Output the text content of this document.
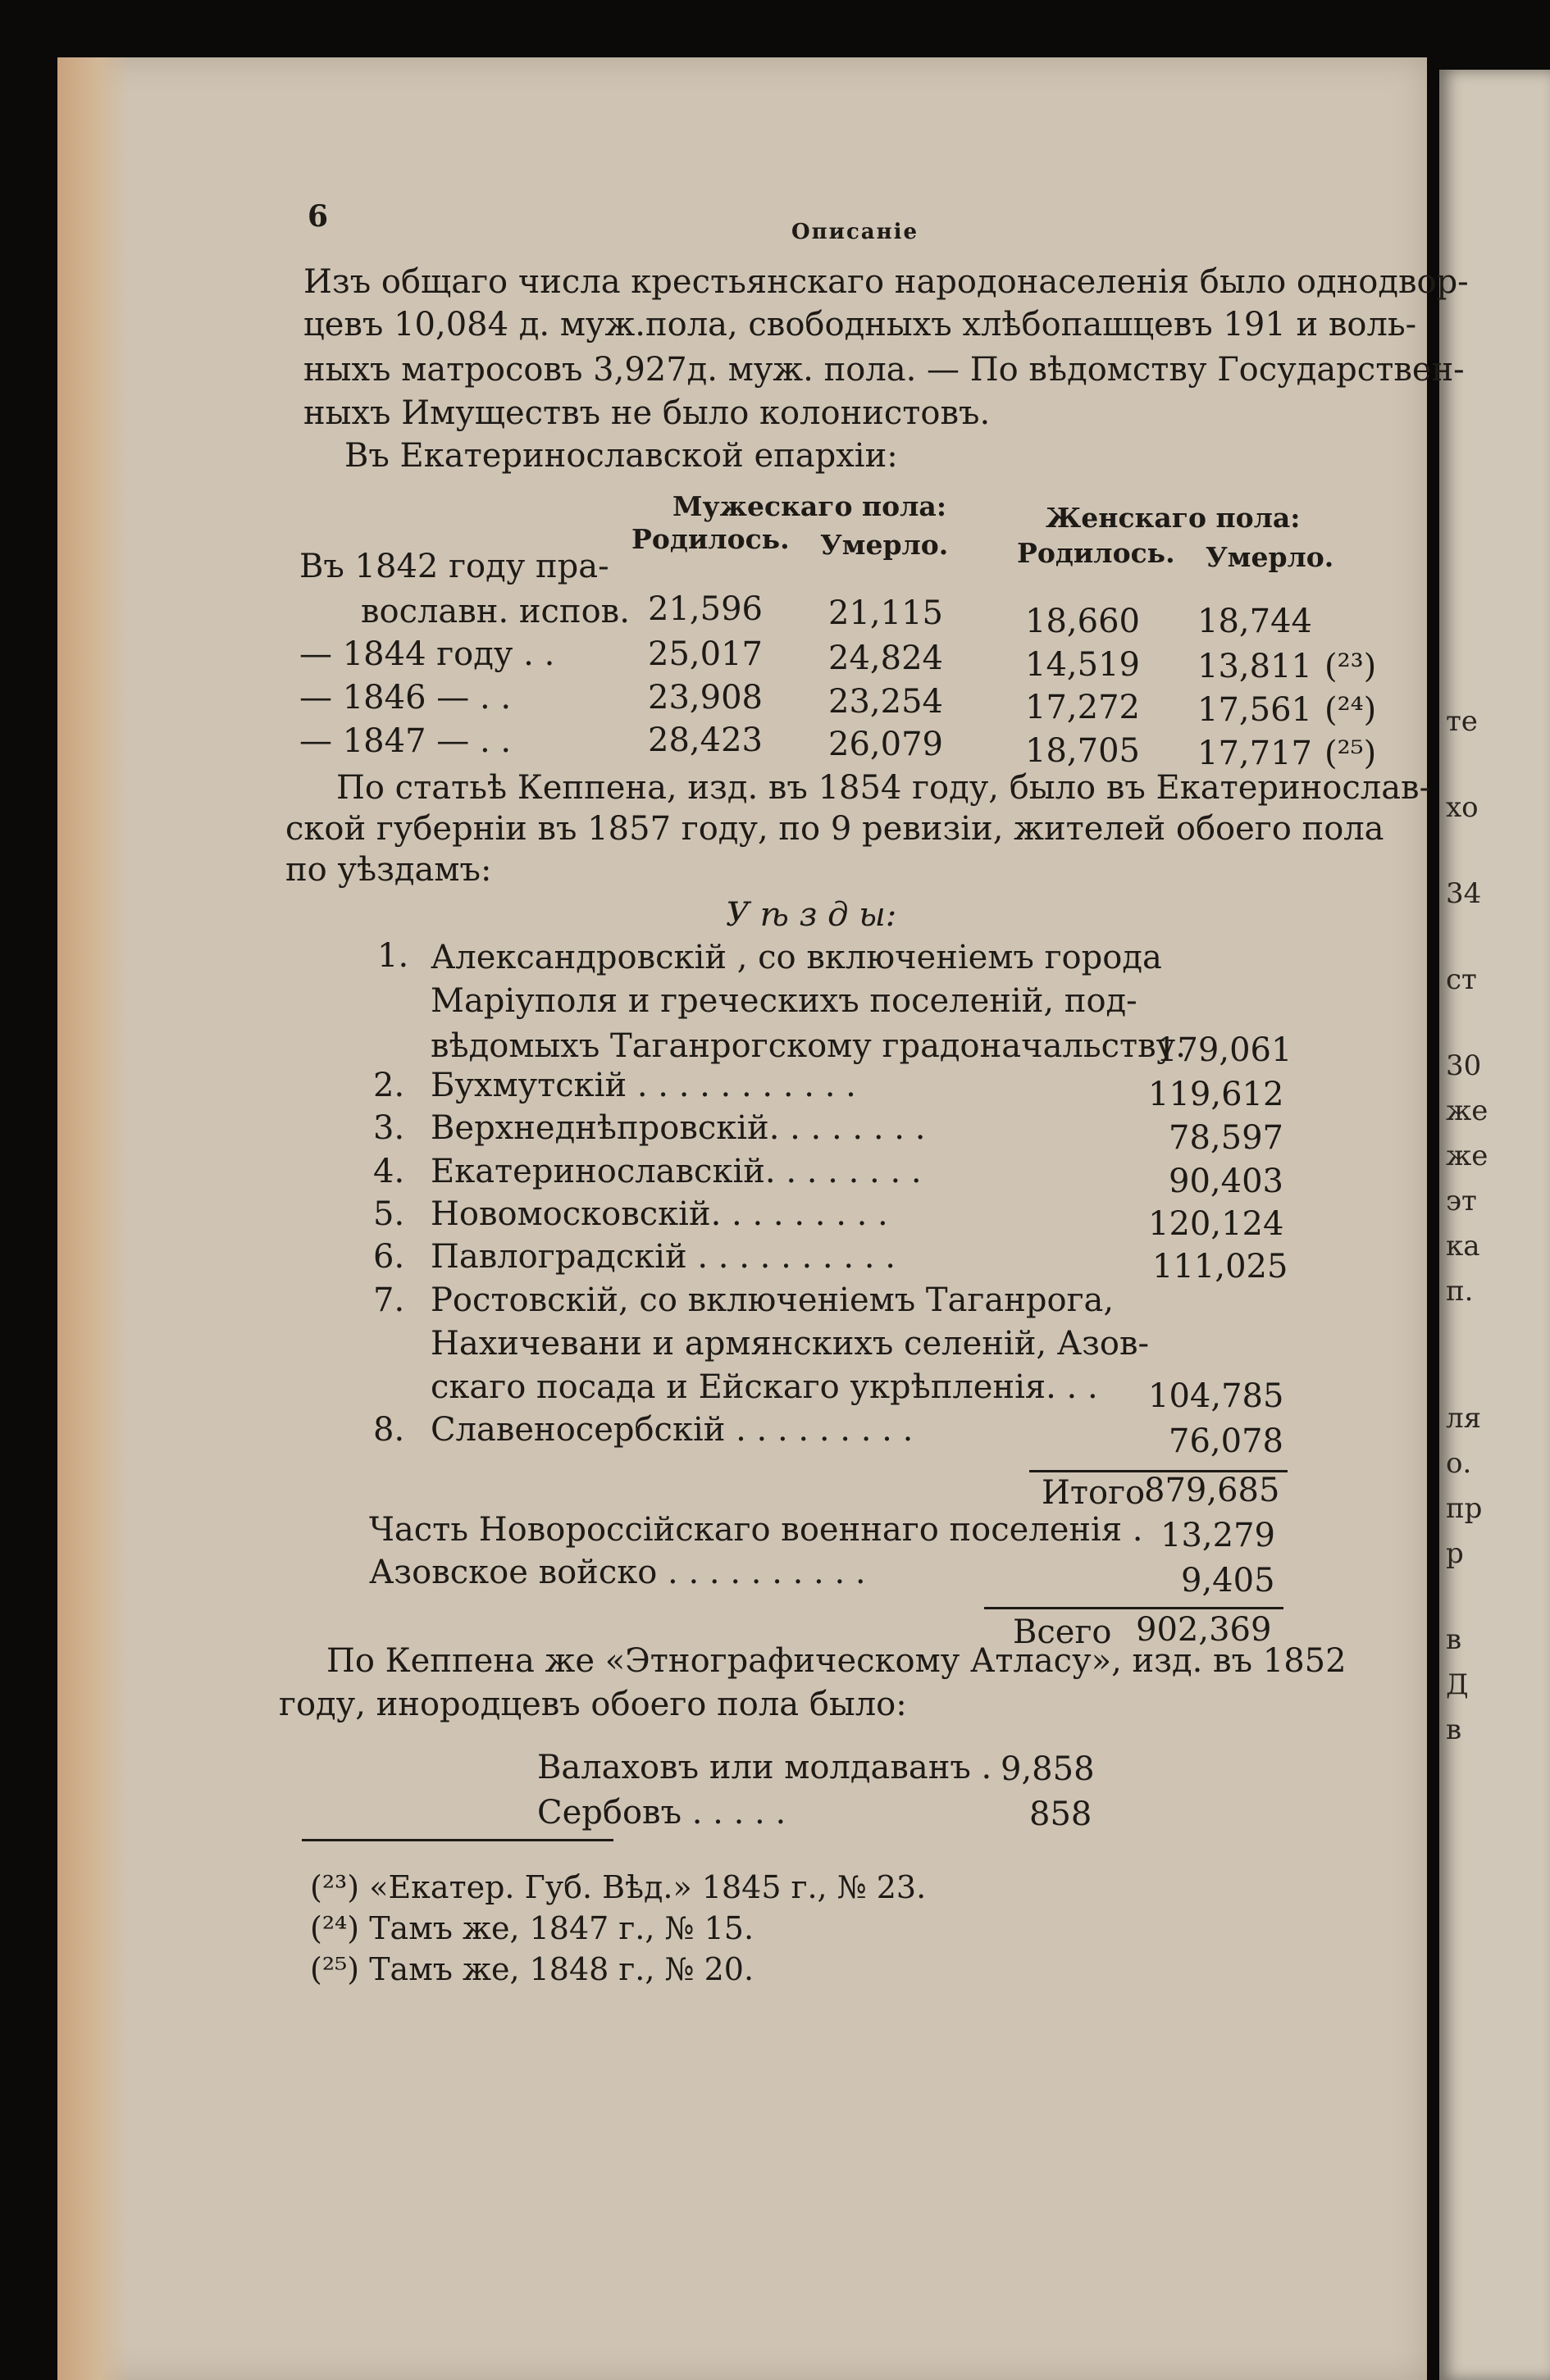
те
хо
34
ст
30
же
же
эт
ка
п.
ля
о.
пр
р
в
Д
в
6	Описаніе
Изъ общаго числа крестьянскаго народонаселенія было однодвор-
цевъ 10,084 д. муж.пола, свободныхъ хлѣбопашцевъ 191 и воль-
ныхъ матросовъ 3,927д. муж. пола. — По вѣдомству Государствен-
ныхъ Имуществъ не было колонистовъ.
Въ Екатеринославской епархіи:
Мужескаго пола:	Женскаго пола:
Родилось. Умерло.	Родилось. Умерло.
Въ 1842 году пра-
вославн. испов. 21,596 21,115	18,660 18,744
— 1844 году . .	25,017 24,824	14,519 13,811 (²³)
— 1846 — . .	23,908 23,254	17,272 17,561 (²⁴)
— 1847 — . .	28,423 26,079	18,705 17,717 (²⁵)
По статьѣ Кеппена, изд. въ 1854 году, было въ Екатеринослав-
ской губерніи въ 1857 году, по 9 ревизіи, жителей обоего пола
по уѣздамъ:
У ѣ з д ы:
1. Александровскій , со включеніемъ города
Маріуполя и греческихъ поселеній, под-
вѣдомыхъ Таганрогскому градоначальству.
179,061
2. Бухмутскій . . . . . . . . . . .	119,612
3. Верхнеднѣпровскій. . . . . . . .	78,597
4. Екатеринославскій. . . . . . . .	90,403
5. Новомосковскій. . . . . . . . .	120,124
6. Павлоградскій . . . . . . . . . .	111,025
7. Ростовскій, со включеніемъ Таганрога,
Нахичевани и армянскихъ селеній, Азов-
скаго посада и Ейскаго укрѣпленія. . . 104,785
8. Славеносербскій . . . . . . . . .	76,078
Итого
879,685
Часть Новороссійскаго военнаго поселенія . 13,279
Азовское войско . . . . . . . . . .	9,405
Всего 902,369
По Кеппена же «Этнографическому Атласу», изд. въ 1852
году, инородцевъ обоего пола было:
Валаховъ или молдаванъ . 9,858
Сербовъ . . . . .	858
(²³) «Екатер. Губ. Вѣд.» 1845 г., № 23.
(²⁴) Тамъ же, 1847 г., № 15.
(²⁵) Тамъ же, 1848 г., № 20.
